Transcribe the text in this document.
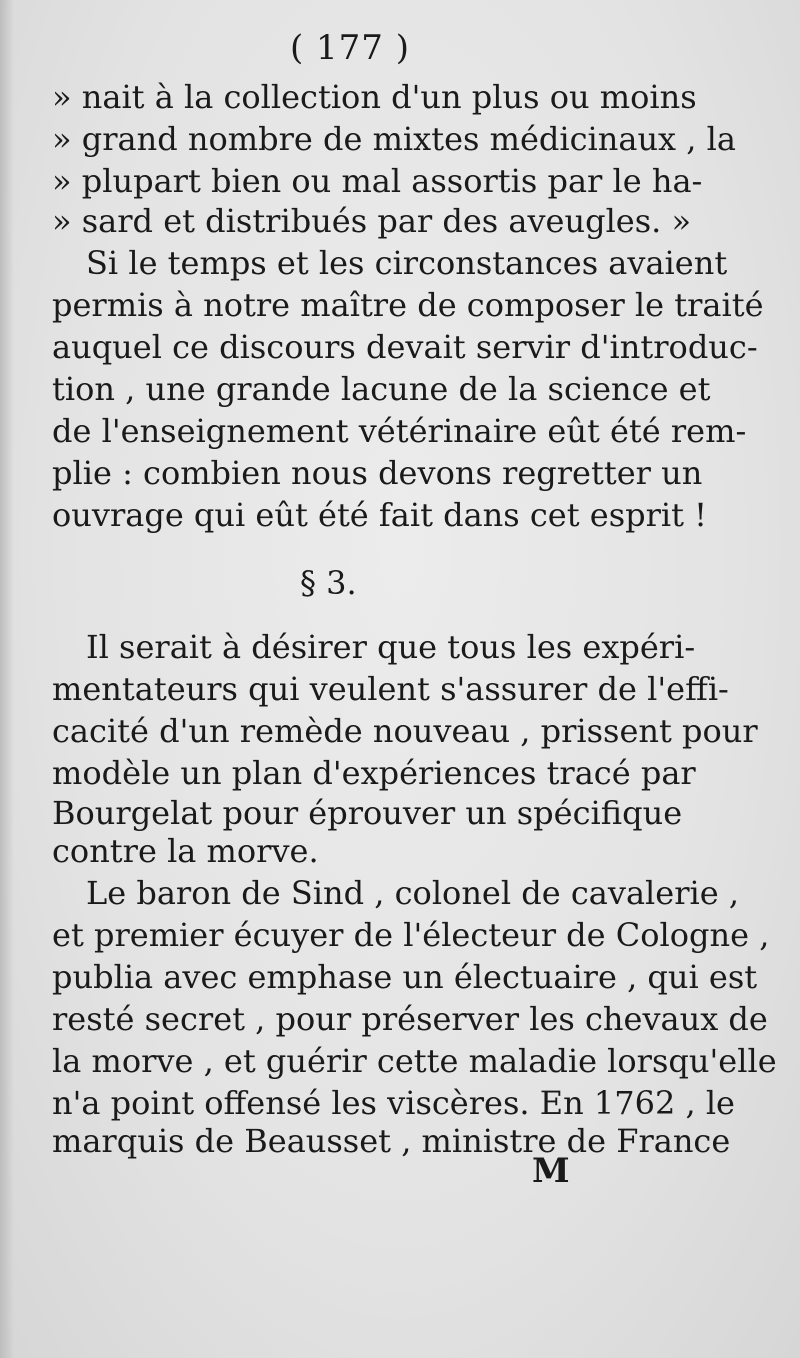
( 177 )
» nait à la collection d'un plus ou moins
» grand nombre de mixtes médicinaux , la
» plupart bien ou mal assortis par le ha-
» sard et distribués par des aveugles. »
Si le temps et les circonstances avaient
permis à notre maître de composer le traité
auquel ce discours devait servir d'introduc-
tion , une grande lacune de la science et
de l'enseignement vétérinaire eût été rem-
plie : combien nous devons regretter un
ouvrage qui eût été fait dans cet esprit !
§ 3.
Il serait à désirer que tous les expéri-
mentateurs qui veulent s'assurer de l'effi-
cacité d'un remède nouveau , prissent pour
modèle un plan d'expériences tracé par
Bourgelat pour éprouver un spécifique
contre la morve.
Le baron de Sind , colonel de cavalerie ,
et premier écuyer de l'électeur de Cologne ,
publia avec emphase un électuaire , qui est
resté secret , pour préserver les chevaux de
la morve , et guérir cette maladie lorsqu'elle
n'a point offensé les viscères. En 1762 , le
marquis de Beausset , ministre de France
M
